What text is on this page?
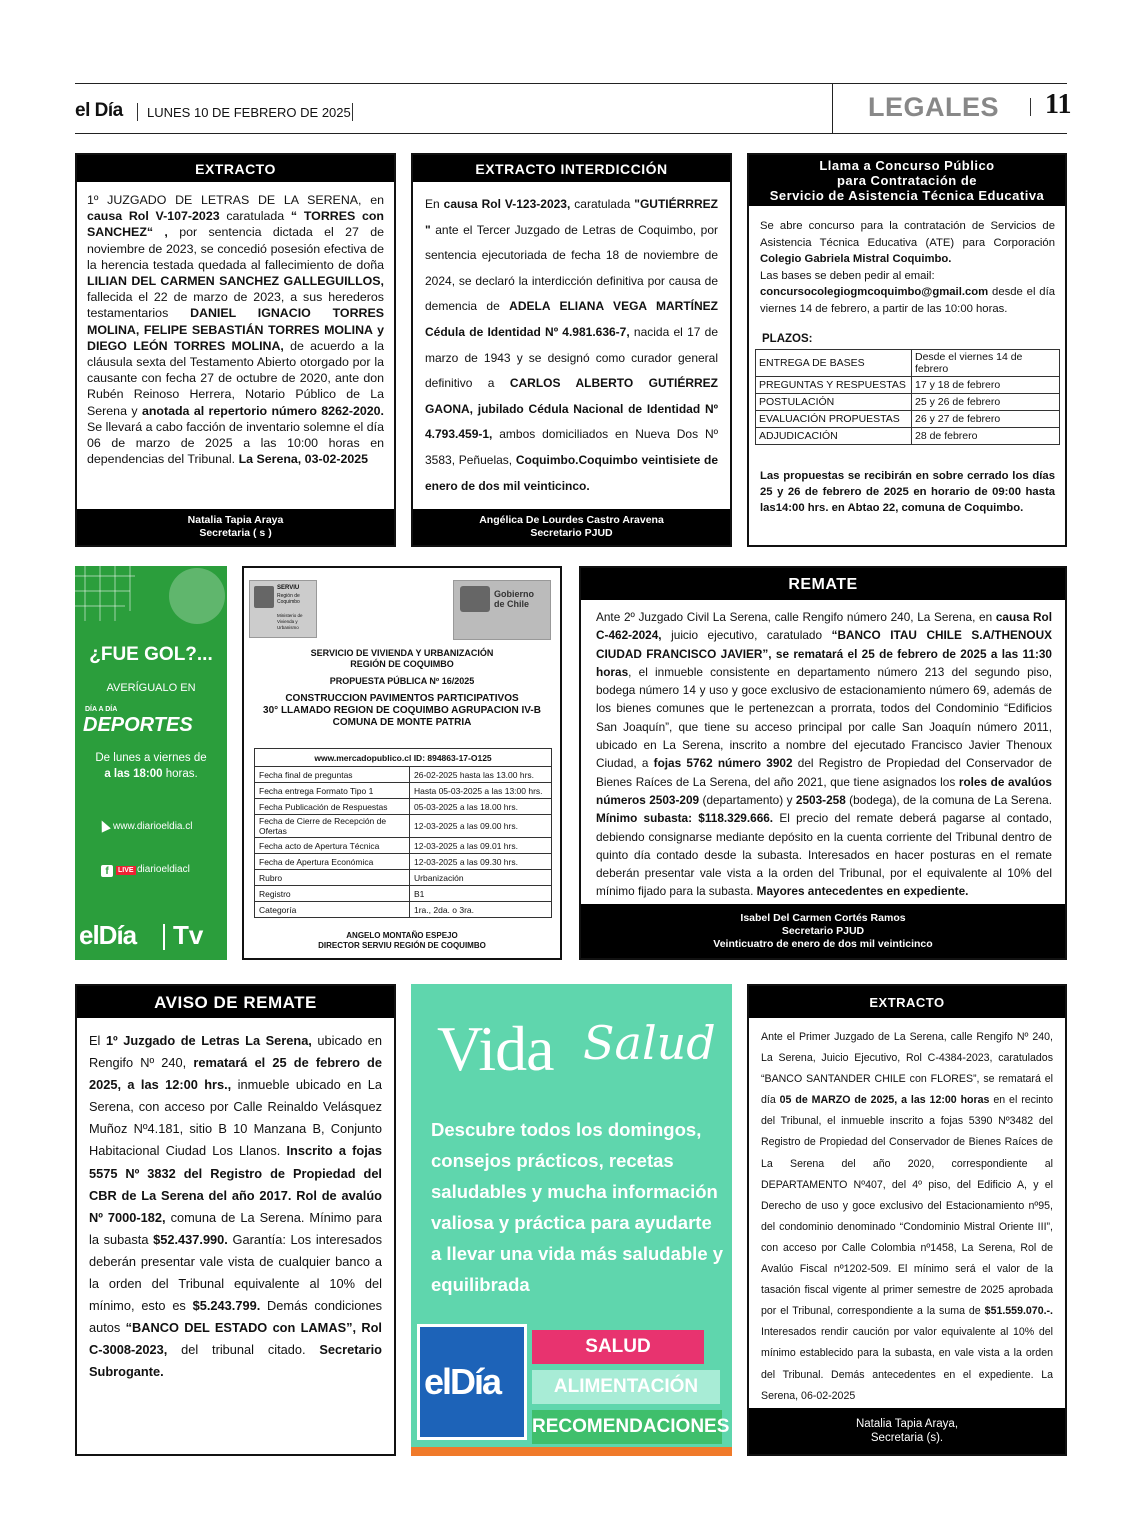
el Día LUNES 10 DE FEBRERO DE 2025	LEGALES 11
EXTRACTO
1º JUZGADO DE LETRAS DE LA SERENA, en causa Rol V-107-2023 caratulada “ TORRES con SANCHEZ“ , por sentencia dictada el 27 de noviembre de 2023, se concedió posesión efectiva de la herencia testada quedada al fallecimiento de doña LILIAN DEL CARMEN SANCHEZ GALLEGUILLOS, fallecida el 22 de marzo de 2023, a sus herederos testamentarios DANIEL IGNACIO TORRES MOLINA, FELIPE SEBASTIÁN TORRES MOLINA y DIEGO LEÓN TORRES MOLINA, de acuerdo a la cláusula sexta del Testamento Abierto otorgado por la causante con fecha 27 de octubre de 2020, ante don Rubén Reinoso Herrera, Notario Público de La Serena y anotada al repertorio número 8262-2020. Se llevará a cabo facción de inventario solemne el día 06 de marzo de 2025 a las 10:00 horas en dependencias del Tribunal. La Serena, 03-02-2025
Natalia Tapia Araya
Secretaria ( s )
EXTRACTO INTERDICCIÓN
En causa Rol V-123-2023, caratulada "GUTIÉRRREZ " ante el Tercer Juzgado de Letras de Coquimbo, por sentencia ejecutoriada de fecha 18 de noviembre de 2024, se declaró la interdicción definitiva por causa de demencia de ADELA ELIANA VEGA MARTÍNEZ Cédula de Identidad Nº 4.981.636-7, nacida el 17 de marzo de 1943 y se designó como curador general definitivo a CARLOS ALBERTO GUTIÉRREZ GAONA, jubilado Cédula Nacional de Identidad Nº 4.793.459-1, ambos domiciliados en Nueva Dos Nº 3583, Peñuelas, Coquimbo.Coquimbo veintisiete de enero de dos mil veinticinco.
Angélica De Lourdes Castro Aravena
Secretario PJUD
Llama a Concurso Público
para Contratación de
Servicio de Asistencia Técnica Educativa
Se abre concurso para la contratación de Servicios de Asistencia Técnica Educativa (ATE) para Corporación Colegio Gabriela Mistral Coquimbo.
Las bases se deben pedir al email:
concursocolegiogmcoquimbo@gmail.com desde el día viernes 14 de febrero, a partir de las 10:00 horas.
PLAZOS:
ENTREGA DE BASES	Desde el viernes 14 de febrero
PREGUNTAS Y RESPUESTAS	17 y 18 de febrero
POSTULACIÓN	25 y 26 de febrero
EVALUACIÓN PROPUESTAS	26 y 27 de febrero
ADJUDICACIÓN	28 de febrero
Las propuestas se recibirán en sobre cerrado los días 25 y 26 de febrero de 2025 en horario de 09:00 hasta las14:00 hrs. en Abtao 22, comuna de Coquimbo.
¿FUE GOL?...
AVERÍGUALO EN
DÍA A DÍA
DEPORTES
De lunes a viernes de
a las 18:00 horas.
www.diarioeldia.cl
f	LIVE diarioeldiacl
elDía Tv
SERVIU
Región de Coquimbo
Ministerio de Vivienda y Urbanismo
Gobierno de Chile
SERVICIO DE VIVIENDA Y URBANIZACIÓN
REGIÓN DE COQUIMBO
PROPUESTA PÚBLICA Nº 16/2025
CONSTRUCCION PAVIMENTOS PARTICIPATIVOS
30° LLAMADO REGION DE COQUIMBO AGRUPACION IV-B
COMUNA DE MONTE PATRIA
www.mercadopublico.cl ID: 894863-17-O125	
Fecha final de preguntas	26-02-2025 hasta las 13.00 hrs.
Fecha entrega Formato Tipo 1	Hasta 05-03-2025 a las 13:00 hrs.
Fecha Publicación de Respuestas	05-03-2025 a las 18.00 hrs.
Fecha de Cierre de Recepción de Ofertas	12-03-2025 a las 09.00 hrs.
Fecha acto de Apertura Técnica	12-03-2025 a las 09.01 hrs.
Fecha de Apertura Económica	12-03-2025 a las 09.30 hrs.
Rubro	Urbanización
Registro	B1
Categoría	1ra., 2da. o 3ra.
ANGELO MONTAÑO ESPEJO
DIRECTOR SERVIU REGIÓN DE COQUIMBO
REMATE
Ante 2º Juzgado Civil La Serena, calle Rengifo número 240, La Serena, en causa Rol C-462-2024, juicio ejecutivo, caratulado “BANCO ITAU CHILE S.A/THENOUX CIUDAD FRANCISCO JAVIER”, se rematará el 25 de febrero de 2025 a las 11:30 horas, el inmueble consistente en departamento número 213 del segundo piso, bodega número 14 y uso y goce exclusivo de estacionamiento número 69, además de los bienes comunes que le pertenezcan a prorrata, todos del Condominio “Edificios San Joaquín”, que tiene su acceso principal por calle San Joaquín número 2011, ubicado en La Serena, inscrito a nombre del ejecutado Francisco Javier Thenoux Ciudad, a fojas 5762 número 3902 del Registro de Propiedad del Conservador de Bienes Raíces de La Serena, del año 2021, que tiene asignados los roles de avalúos números 2503-209 (departamento) y 2503-258 (bodega), de la comuna de La Serena. Mínimo subasta: $118.329.666. El precio del remate deberá pagarse al contado, debiendo consignarse mediante depósito en la cuenta corriente del Tribunal dentro de quinto día contado desde la subasta. Interesados en hacer posturas en el remate deberán presentar vale vista a la orden del Tribunal, por el equivalente al 10% del mínimo fijado para la subasta. Mayores antecedentes en expediente.
Isabel Del Carmen Cortés Ramos
Secretario PJUD
Veinticuatro de enero de dos mil veinticinco
AVISO DE REMATE
El 1º Juzgado de Letras La Serena, ubicado en Rengifo Nº 240, rematará el 25 de febrero de 2025, a las 12:00 hrs., inmueble ubicado en La Serena, con acceso por Calle Reinaldo Velásquez Muñoz Nº4.181, sitio B 10 Manzana B, Conjunto Habitacional Ciudad Los Llanos. Inscrito a fojas 5575 Nº 3832 del Registro de Propiedad del CBR de La Serena del año 2017. Rol de avalúo Nº 7000-182, comuna de La Serena. Mínimo para la subasta $52.437.990. Garantía: Los interesados deberán presentar vale vista de cualquier banco a la orden del Tribunal equivalente al 10% del mínimo, esto es $5.243.799. Demás condiciones autos “BANCO DEL ESTADO con LAMAS”, Rol C-3008-2023, del tribunal citado. Secretario Subrogante.
Vida Salud
Descubre todos los domingos, consejos prácticos, recetas saludables y mucha información valiosa y práctica para ayudarte a llevar una vida más saludable y equilibrada
elDía
SALUD
ALIMENTACIÓN
RECOMENDACIONES
EXTRACTO
Ante el Primer Juzgado de La Serena, calle Rengifo Nº 240, La Serena, Juicio Ejecutivo, Rol C-4384-2023, caratulados “BANCO SANTANDER CHILE con FLORES”, se rematará el día 05 de MARZO de 2025, a las 12:00 horas en el recinto del Tribunal, el inmueble inscrito a fojas 5390 Nº3482 del Registro de Propiedad del Conservador de Bienes Raíces de La Serena del año 2020, correspondiente al DEPARTAMENTO Nº407, del 4º piso, del Edificio A, y el Derecho de uso y goce exclusivo del Estacionamiento nº95, del condominio denominado “Condominio Mistral Oriente III”, con acceso por Calle Colombia nº1458, La Serena, Rol de Avalúo Fiscal nº1202-509. El mínimo será el valor de la tasación fiscal vigente al primer semestre de 2025 aprobada por el Tribunal, correspondiente a la suma de $51.559.070.-. Interesados rendir caución por valor equivalente al 10% del mínimo establecido para la subasta, en vale vista a la orden del Tribunal. Demás antecedentes en el expediente. La Serena, 06-02-2025
Natalia Tapia Araya,
Secretaria (s).
